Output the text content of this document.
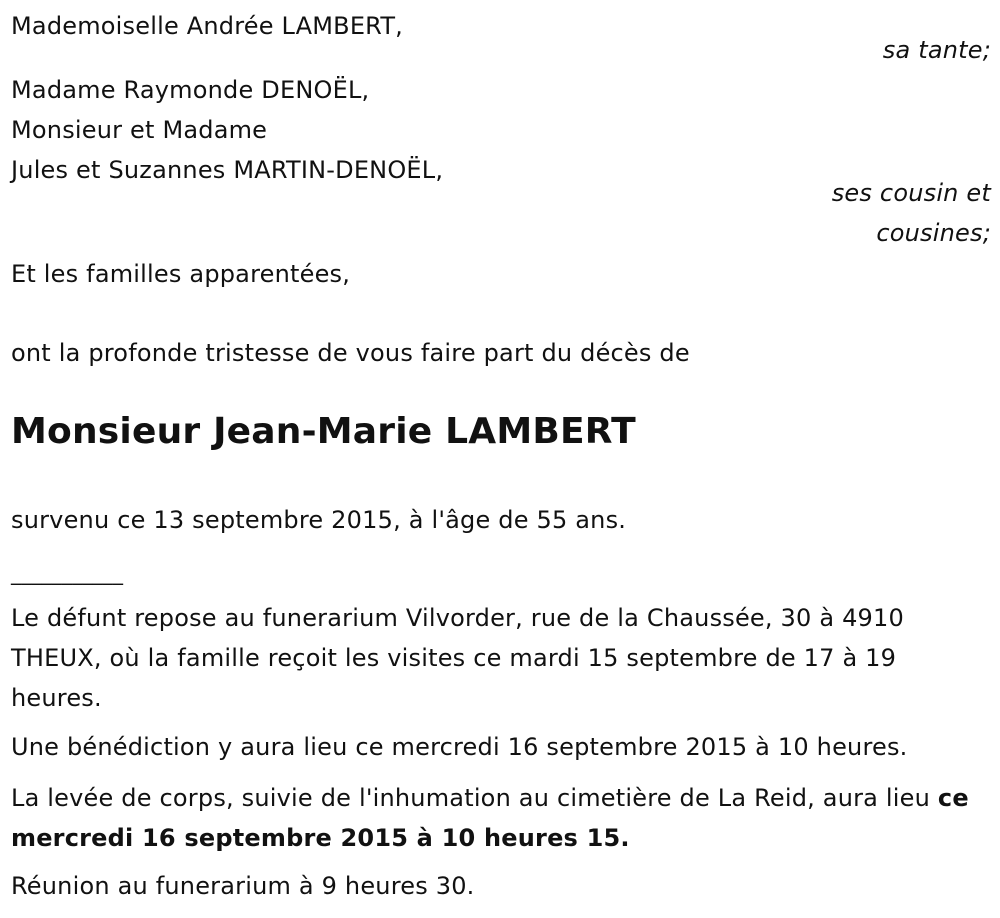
Mademoiselle Andrée LAMBERT,

sa tante;

Madame Raymonde DENOËL,

Monsieur et Madame

Jules et Suzannes MARTIN-DENOËL,

ses cousin et

cousines;

Et les familles apparentées,

ont la profonde tristesse de vous faire part du décès de

Monsieur Jean-Marie LAMBERT

survenu ce 13 septembre 2015, à l'âge de 55 ans.

___________

Le défunt repose au funerarium Vilvorder, rue de la Chaussée, 30 à 4910 THEUX, où la famille reçoit les visites ce mardi 15 septembre de 17 à 19 heures.

Une bénédiction y aura lieu ce mercredi 16 septembre 2015 à 10 heures.

La levée de corps, suivie de l'inhumation au cimetière de La Reid, aura lieu ce mercredi 16 septembre 2015 à 10 heures 15.

Réunion au funerarium à 9 heures 30.
